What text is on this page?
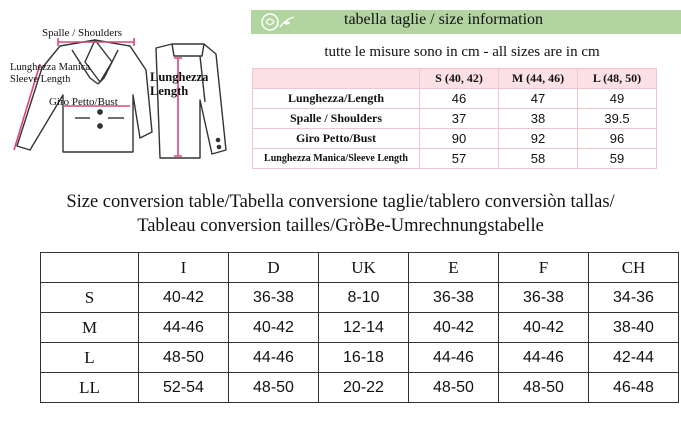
Spalle / Shoulders
Lunghezza Manica
Sleeve Length
Giro Petto/Bust
Lunghezza
Length
tabella taglie / size information
tutte le misure sono in cm - all sizes are in cm
	S (40, 42)	M (44, 46)	L (48, 50)
Lunghezza/Length	46	47	49
Spalle / Shoulders	37	38	39.5
Giro Petto/Bust	90	92	96
Lunghezza Manica/Sleeve Length	57	58	59
Size conversion table/Tabella conversione taglie/tablero conversiòn tallas/
Tableau conversion tailles/GròBe-Umrechnungstabelle
	I	D	UK	E	F	CH
S	40-42	36-38	8-10	36-38	36-38	34-36
M	44-46	40-42	12-14	40-42	40-42	38-40
L	48-50	44-46	16-18	44-46	44-46	42-44
LL	52-54	48-50	20-22	48-50	48-50	46-48
